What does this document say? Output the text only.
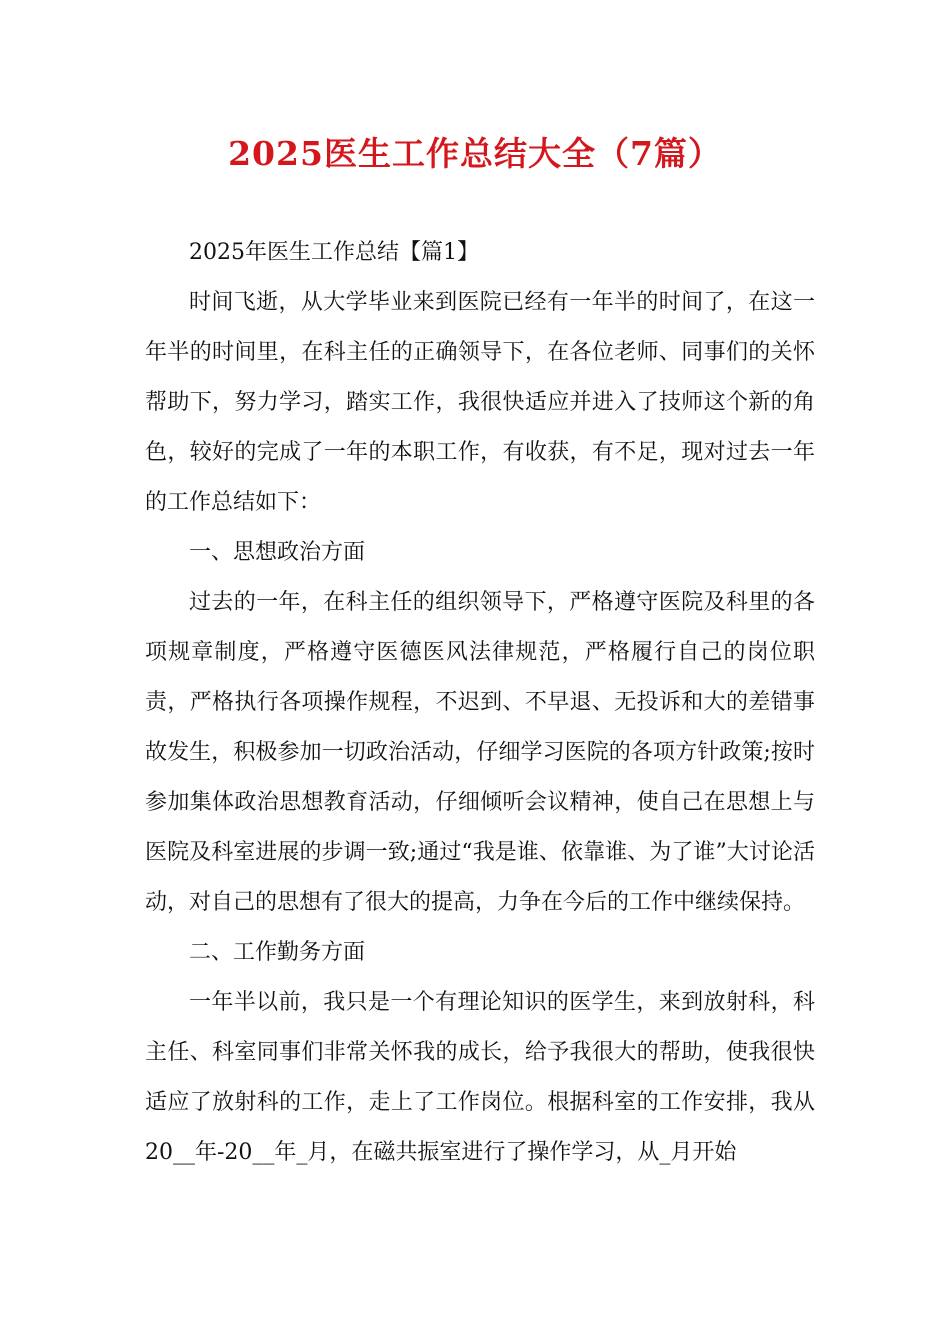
2025医生工作总结大全（7篇）

2025年医生工作总结【篇1】

时间飞逝，从大学毕业来到医院已经有一年半的时间了，在这一年半的时间里，在科主任的正确领导下，在各位老师、同事们的关怀帮助下，努力学习，踏实工作，我很快适应并进入了技师这个新的角色，较好的完成了一年的本职工作，有收获，有不足，现对过去一年的工作总结如下：

一、思想政治方面

过去的一年，在科主任的组织领导下，严格遵守医院及科里的各项规章制度，严格遵守医德医风法律规范，严格履行自己的岗位职责，严格执行各项操作规程，不迟到、不早退、无投诉和大的差错事故发生，积极参加一切政治活动，仔细学习医院的各项方针政策;按时参加集体政治思想教育活动，仔细倾听会议精神，使自己在思想上与医院及科室进展的步调一致;通过“我是谁、依靠谁、为了谁”大讨论活动，对自己的思想有了很大的提高，力争在今后的工作中继续保持。

二、工作勤务方面

一年半以前，我只是一个有理论知识的医学生，来到放射科，科主任、科室同事们非常关怀我的成长，给予我很大的帮助，使我很快适应了放射科的工作，走上了工作岗位。根据科室的工作安排，我从20__年-20__年_月，在磁共振室进行了操作学习，从_月开始
